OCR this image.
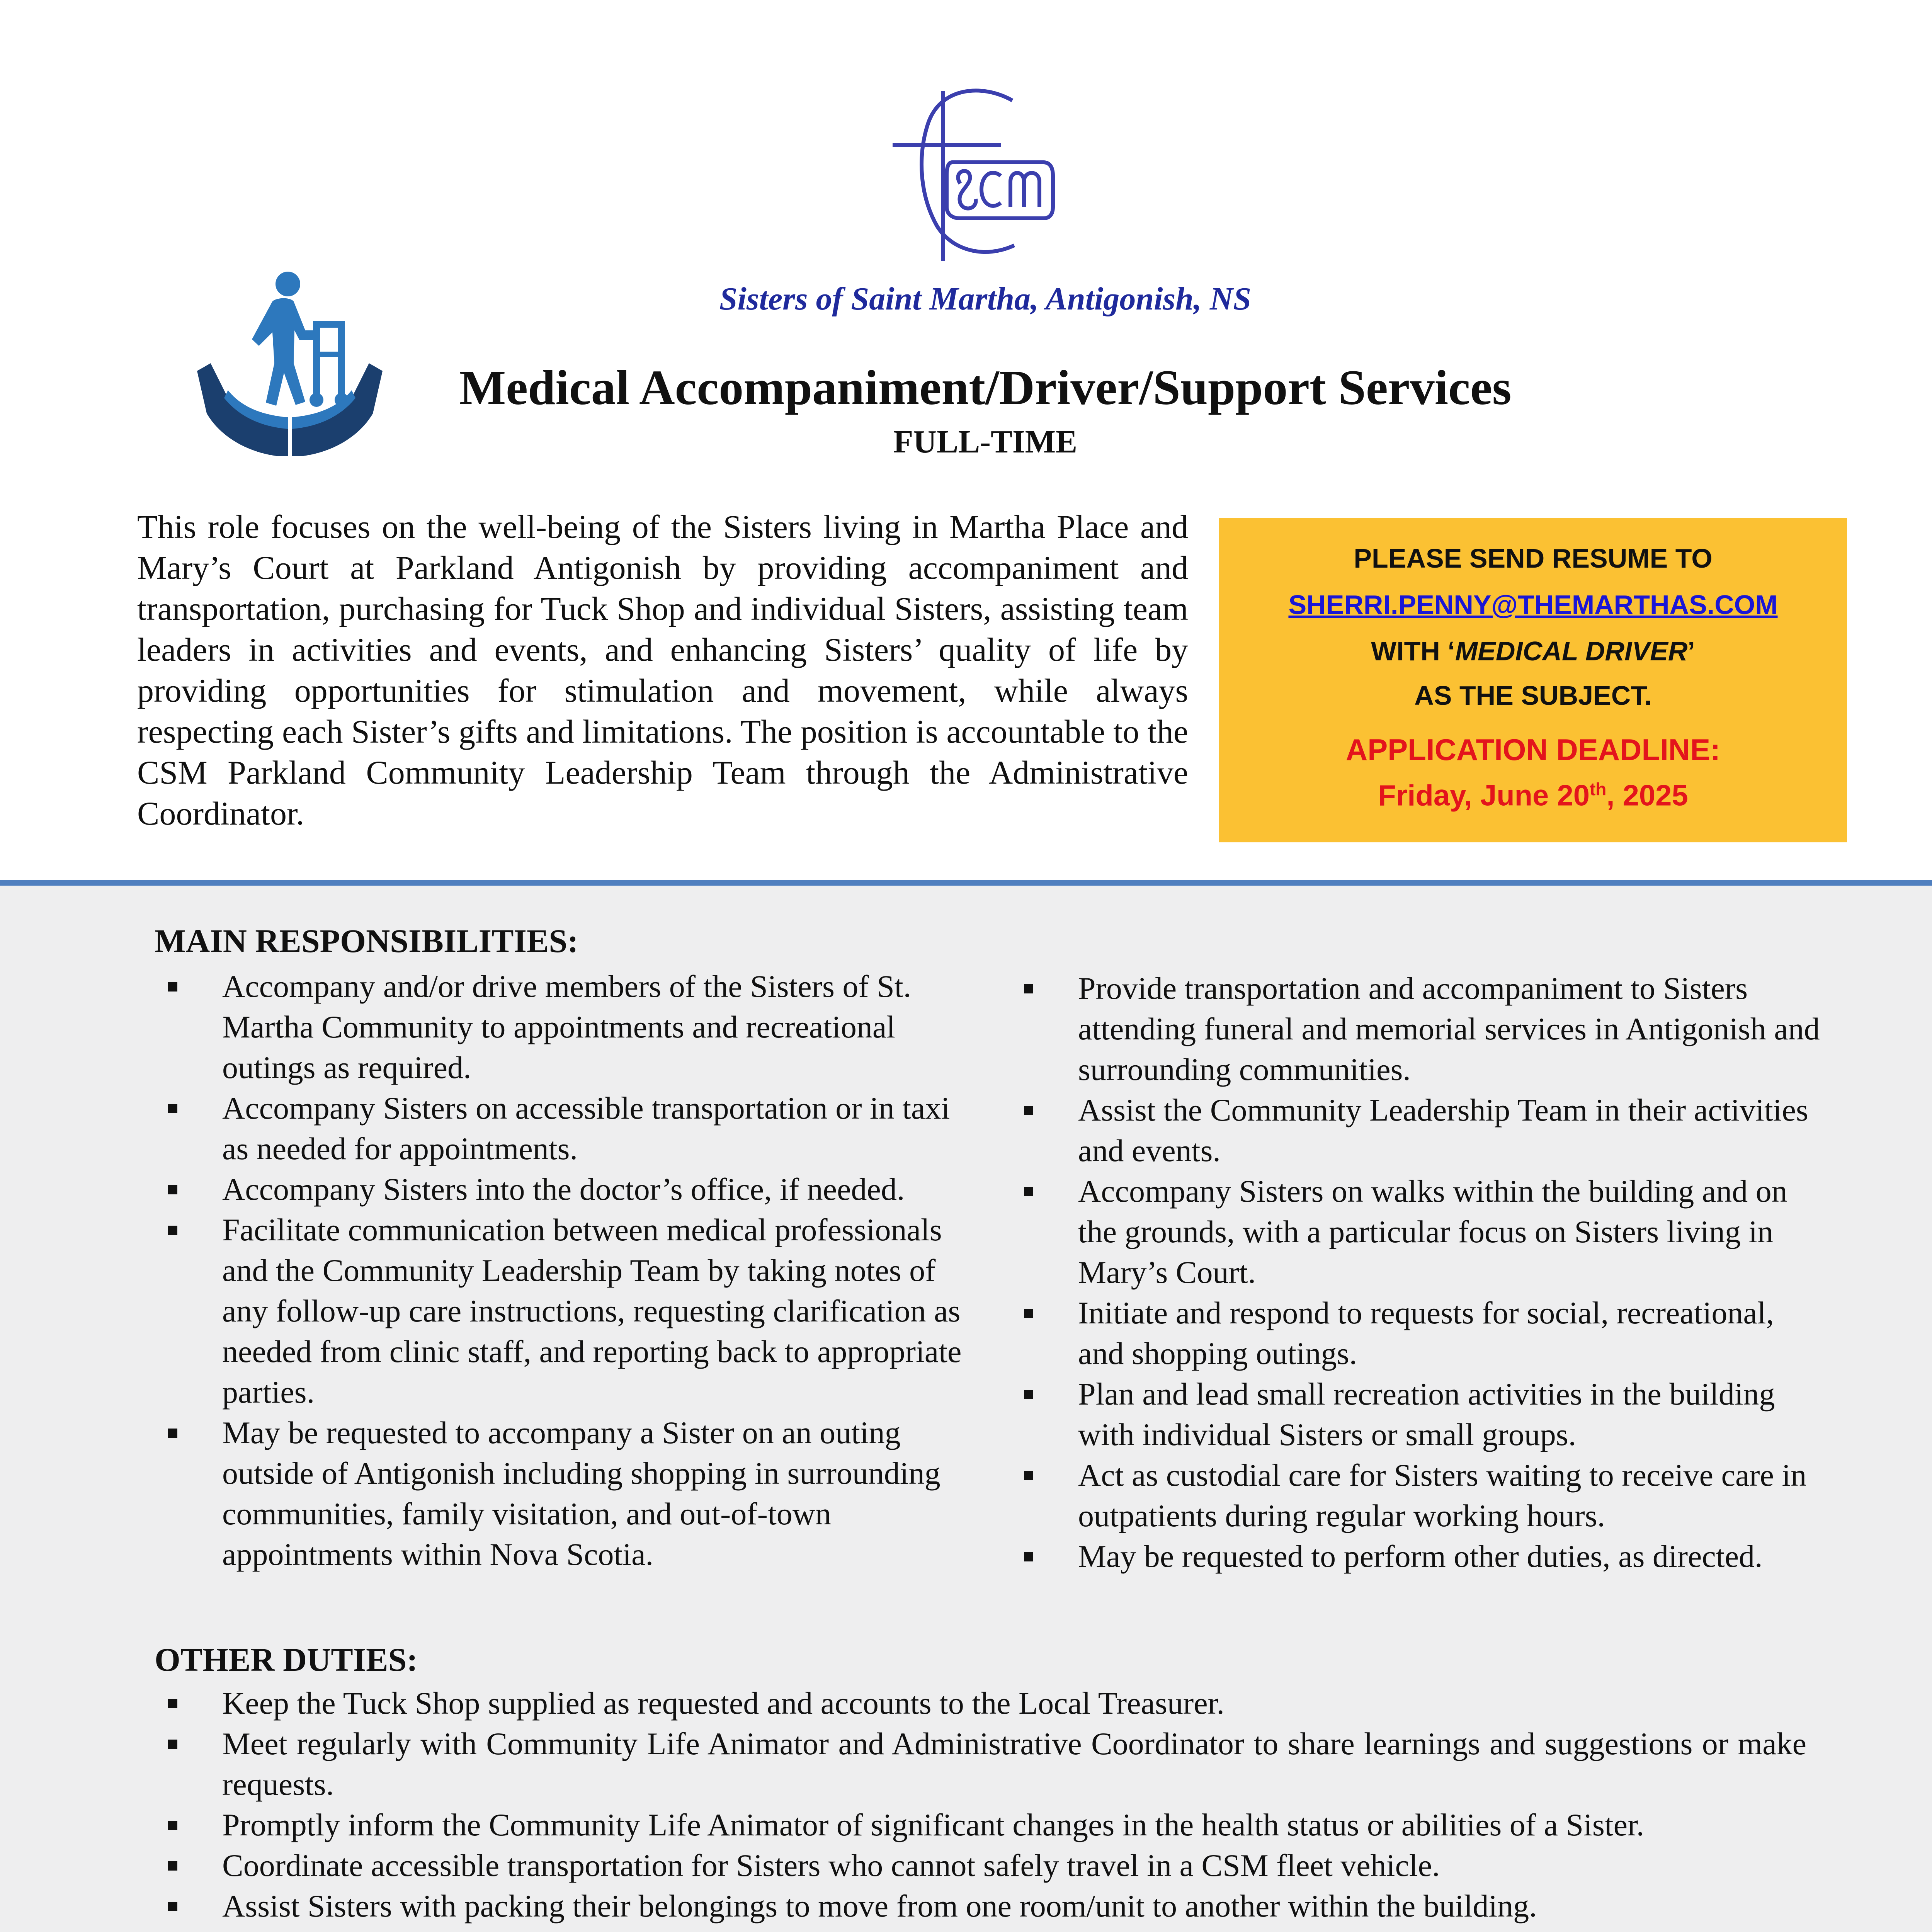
CSM
Sisters of Saint Martha, Antigonish, NS
Medical Accompaniment/Driver/Support Services
FULL-TIME
This role focuses on the well-being of the Sisters living in Martha Place and Mary’s Court at Parkland Antigonish by providing accompaniment and transportation, purchasing for Tuck Shop and individual Sisters, assisting team leaders in activities and events, and enhancing Sisters’ quality of life by providing opportunities for stimulation and movement, while always respecting each Sister’s gifts and limitations. The position is accountable to the CSM Parkland Community Leadership Team through the Administrative Coordinator.
PLEASE SEND RESUME TO
SHERRI.PENNY@THEMARTHAS.COM
WITH ‘MEDICAL DRIVER’
AS THE SUBJECT.
APPLICATION DEADLINE:
Friday, June 20th, 2025
MAIN RESPONSIBILITIES:
Accompany and/or drive members of the Sisters of St. Martha Community to appointments and recreational outings as required.
Accompany Sisters on accessible transportation or in taxi as needed for appointments.
Accompany Sisters into the doctor’s office, if needed.
Facilitate communication between medical professionals and the Community Leadership Team by taking notes of any follow-up care instructions, requesting clarification as needed from clinic staff, and reporting back to appropriate parties.
May be requested to accompany a Sister on an outing outside of Antigonish including shopping in surrounding communities, family visitation, and out-of-town appointments within Nova Scotia.
Provide transportation and accompaniment to Sisters attending funeral and memorial services in Antigonish and surrounding communities.
Assist the Community Leadership Team in their activities and events.
Accompany Sisters on walks within the building and on the grounds, with a particular focus on Sisters living in Mary’s Court.
Initiate and respond to requests for social, recreational, and shopping outings.
Plan and lead small recreation activities in the building with individual Sisters or small groups.
Act as custodial care for Sisters waiting to receive care in outpatients during regular working hours.
May be requested to perform other duties, as directed.
OTHER DUTIES:
Keep the Tuck Shop supplied as requested and accounts to the Local Treasurer.
Meet regularly with Community Life Animator and Administrative Coordinator to share learnings and suggestions or make requests.
Promptly inform the Community Life Animator of significant changes in the health status or abilities of a Sister.
Coordinate accessible transportation for Sisters who cannot safely travel in a CSM fleet vehicle.
Assist Sisters with packing their belongings to move from one room/unit to another within the building.
